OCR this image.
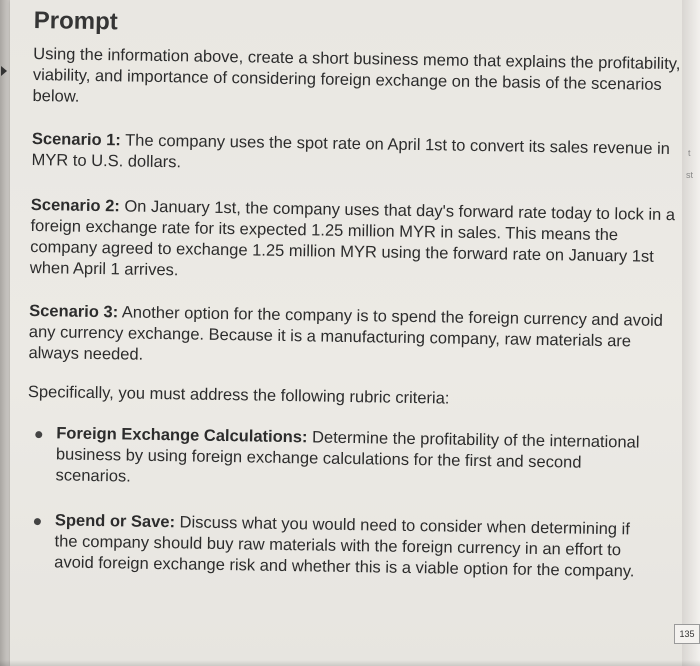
Prompt

Using the information above, create a short business memo that explains the profitability, viability, and importance of considering foreign exchange on the basis of the scenarios below.

Scenario 1: The company uses the spot rate on April 1st to convert its sales revenue in MYR to U.S. dollars.

Scenario 2: On January 1st, the company uses that day's forward rate today to lock in a foreign exchange rate for its expected 1.25 million MYR in sales. This means the company agreed to exchange 1.25 million MYR using the forward rate on January 1st when April 1 arrives.

Scenario 3: Another option for the company is to spend the foreign currency and avoid any currency exchange. Because it is a manufacturing company, raw materials are always needed.

Specifically, you must address the following rubric criteria:

Foreign Exchange Calculations: Determine the profitability of the international business by using foreign exchange calculations for the first and second scenarios.
Spend or Save: Discuss what you would need to consider when determining if the company should buy raw materials with the foreign currency in an effort to avoid foreign exchange risk and whether this is a viable option for the company.
t
st
135
